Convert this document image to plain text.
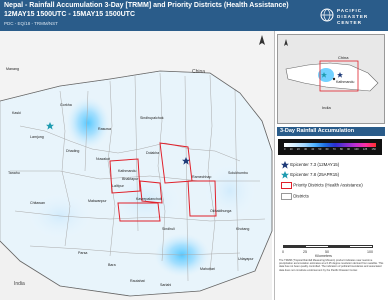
Nepal - Rainfall Accumulation 3-Day [TRMM] and Priority Districts (Health Assistance)
12MAY15 1500UTC - 15MAY15 1500UTC
PDC - EQ/18 - TRMM/NST
PACIFIC
DISASTER
CENTER
China
India
Manang
Kaski
Lamjung
Gorkha
Rasuwa
Sindhupalchok
Dhading
Nuwakot
Dolakha
Kathmandu
Bhaktapur
Lalitpur
Kavrepalanchok
Ramechhap
Solukhumbu
Tanahu
Chitawan	Makwanpur
Sindhuli
Okhaldhunga
Khotang
Parsa
Bara
Rautahat
Sarlahi
Mahottari
Udayapur
China
Kathmandu
India
3-Day Rainfall Accumulation
0 10 20 30 40 50 60 70 80 90 100 125 150
Epicenter 7.3 (12MAY15)
Epicenter 7.8 (25APR15)
Priority Districts (Health Assistance)
Districts
0	25	50	100
Kilometers
The TRMM (Tropical Rainfall Measuring Mission) product indicates near real-time precipitation accumulation estimates at a 0.25 degree resolution derived from satellite. This data has not been quality controlled. The indication of political boundaries and associated data does not constitute endorsement by the Pacific Disaster Center.
